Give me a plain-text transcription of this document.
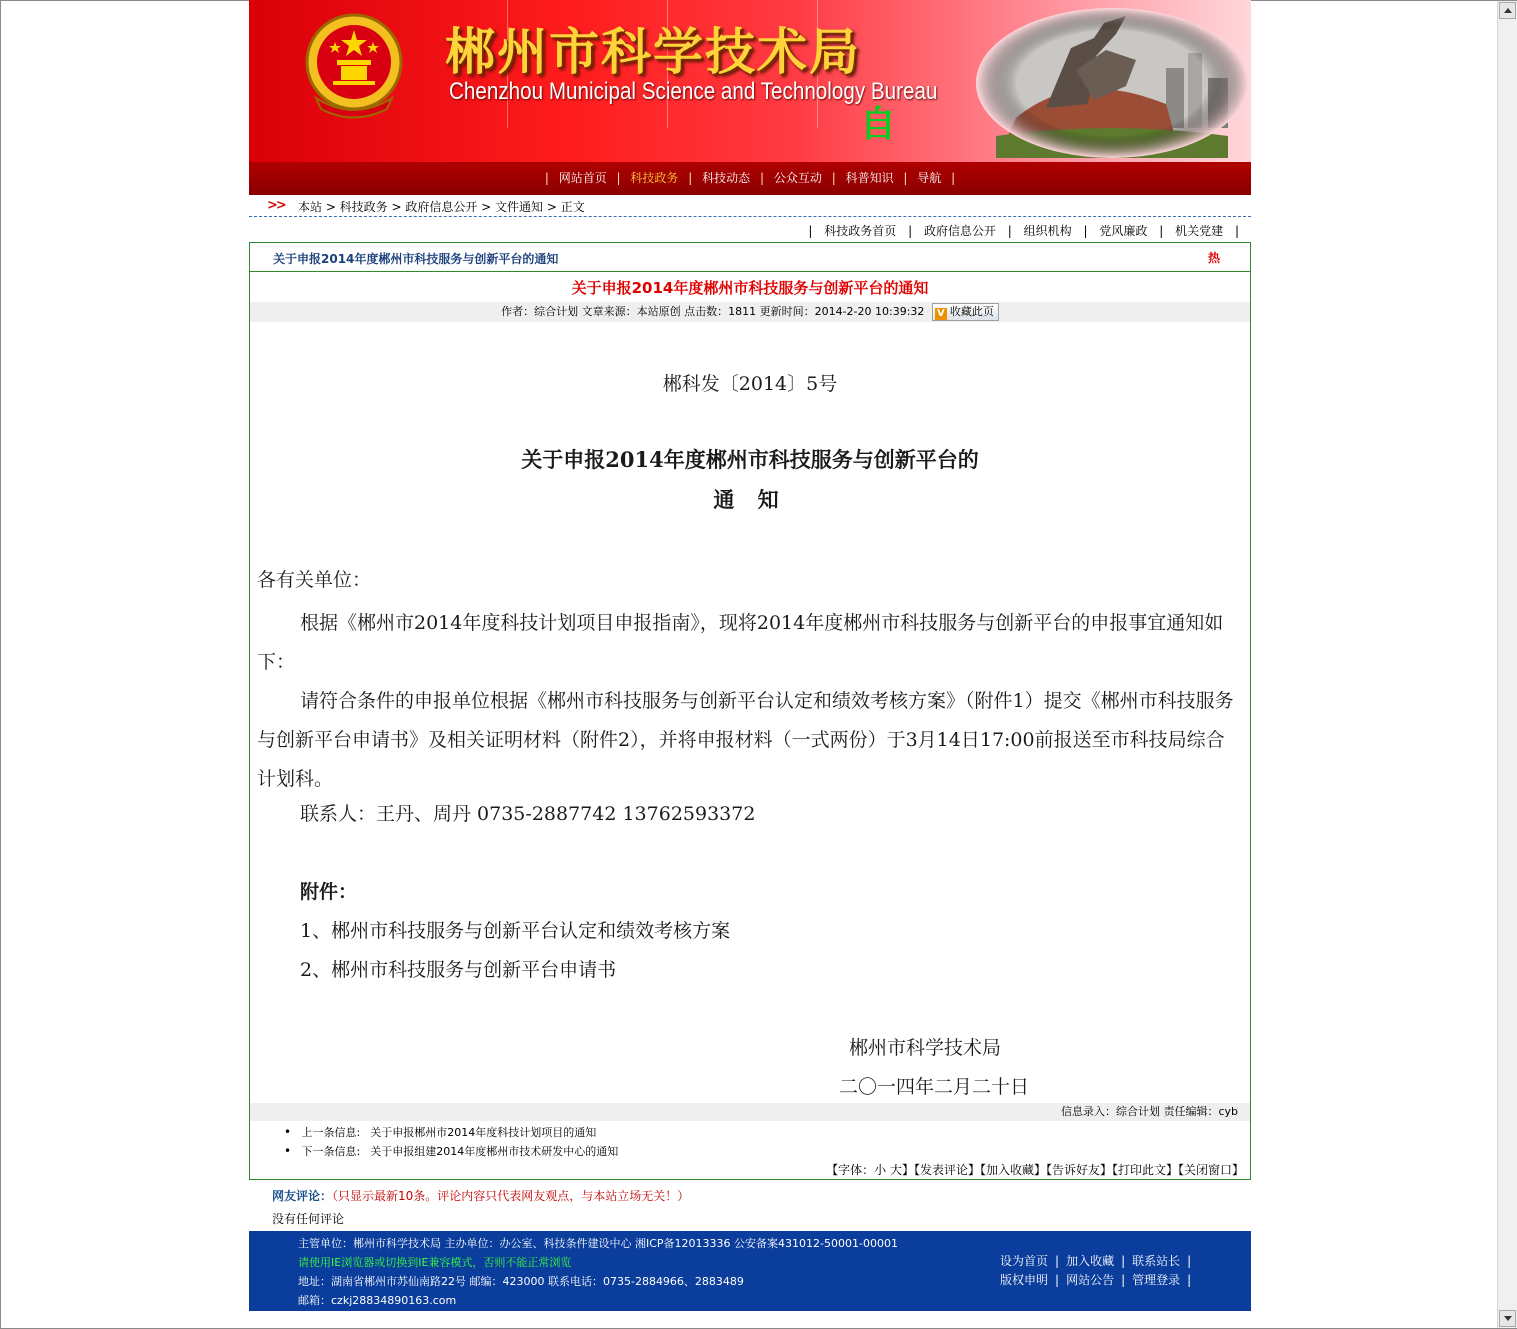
郴州市科学技术局
Chenzhou Municipal Science and Technology Bureau
自
| 网站首页 | 科技政务 | 科技动态 | 公众互动 | 科普知识 | 导航 |
>> 本站 > 科技政务 > 政府信息公开 > 文件通知 > 正文
| 科技政务首页 | 政府信息公开 | 组织机构 | 党风廉政 | 机关党建 |
关于申报2014年度郴州市科技服务与创新平台的通知	热
关于申报2014年度郴州市科技服务与创新平台的通知
作者：综合计划 文章来源：本站原创 点击数：1811 更新时间：2014-2-20 10:39:32 V 收藏此页
郴科发〔2014〕5号
关于申报2014年度郴州市科技服务与创新平台的
通 知
各有关单位：
根据《郴州市2014年度科技计划项目申报指南》，现将2014年度郴州市科技服务与创新平台的申报事宜通知如下：
请符合条件的申报单位根据《郴州市科技服务与创新平台认定和绩效考核方案》（附件1）提交《郴州市科技服务与创新平台申请书》及相关证明材料（附件2），并将申报材料（一式两份）于3月14日17:00前报送至市科技局综合计划科。
联系人：王丹、周丹 0735-2887742 13762593372
附件：
1、郴州市科技服务与创新平台认定和绩效考核方案
2、郴州市科技服务与创新平台申请书
郴州市科学技术局
二〇一四年二月二十日
信息录入：综合计划 责任编辑：cyb
• 上一条信息: 关于申报郴州市2014年度科技计划项目的通知
• 下一条信息: 关于申报组建2014年度郴州市技术研发中心的通知
【字体：小 大】【发表评论】【加入收藏】【告诉好友】【打印此文】【关闭窗口】
网友评论：（只显示最新10条。评论内容只代表网友观点，与本站立场无关！）
没有任何评论
主管单位：郴州市科学技术局 主办单位：办公室、科技条件建设中心 湘ICP备12013336 公安备案431012-50001-00001
请使用IE浏览器或切换到IE兼容模式，否则不能正常浏览
地址：湖南省郴州市苏仙南路22号 邮编：423000 联系电话：0735-2884966、2883489
邮箱：czkj28834890163.com
设为首页 | 加入收藏 | 联系站长 |
版权申明 | 网站公告 | 管理登录 |
